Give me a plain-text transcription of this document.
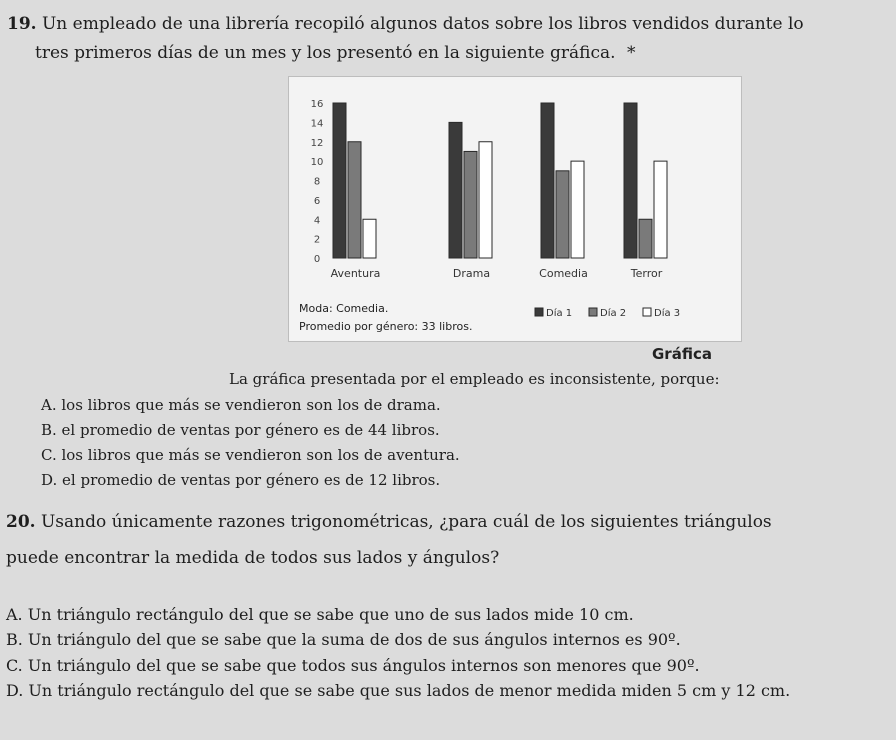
19. Un empleado de una librería recopiló algunos datos sobre los libros vendidos durante lo
tres primeros días de un mes y los presentó en la siguiente gráfica. *
0
2
4
6
8
10
12
14
16
Aventura	Drama	Comedia	Terror
Día 1	Día 2	Día 3
Moda: Comedia.
Promedio por género: 33 libros.
Gráfica
La gráfica presentada por el empleado es inconsistente, porque:
A. los libros que más se vendieron son los de drama.
B. el promedio de ventas por género es de 44 libros.
C. los libros que más se vendieron son los de aventura.
D. el promedio de ventas por género es de 12 libros.
20. Usando únicamente razones trigonométricas, ¿para cuál de los siguientes triángulos
puede encontrar la medida de todos sus lados y ángulos?
A. Un triángulo rectángulo del que se sabe que uno de sus lados mide 10 cm.
B. Un triángulo del que se sabe que la suma de dos de sus ángulos internos es 90º.
C. Un triángulo del que se sabe que todos sus ángulos internos son menores que 90º.
D. Un triángulo rectángulo del que se sabe que sus lados de menor medida miden 5 cm y 12 cm.
